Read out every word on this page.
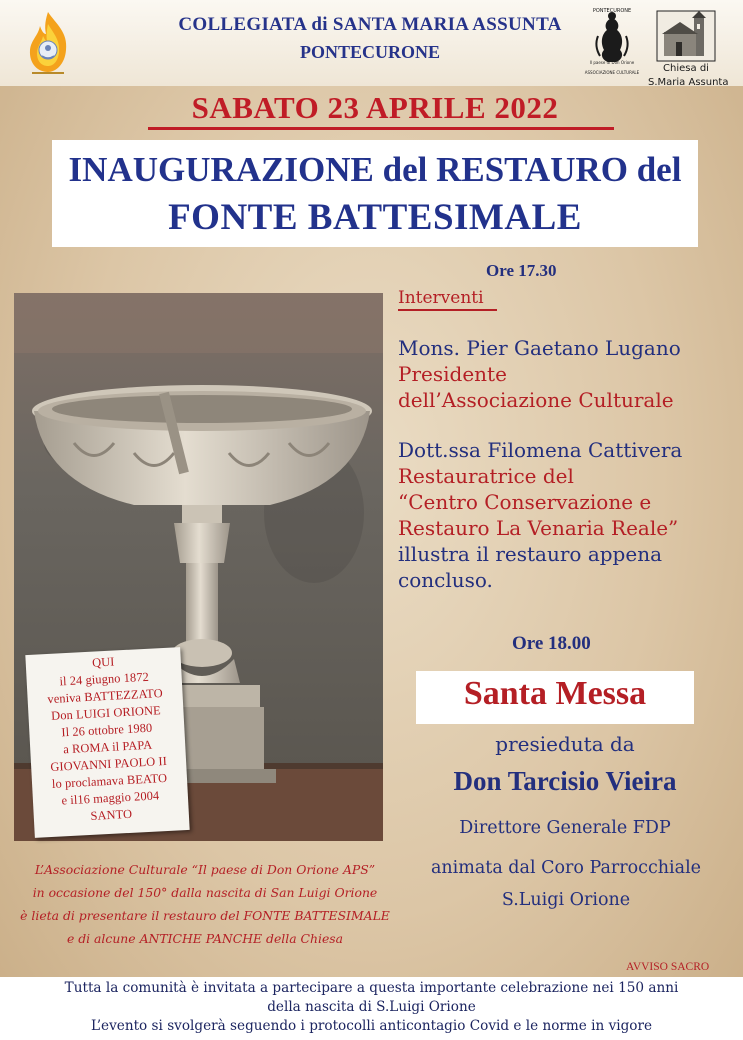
PONTECURONE
Il paese di Don Orione
ASSOCIAZIONE CULTURALE	Chiesa di
S.Maria Assunta
COLLEGIATA di SANTA MARIA ASSUNTA
PONTECURONE
SABATO 23 APRILE 2022
INAUGURAZIONE del RESTAURO del
FONTE BATTESIMALE
QUI
il 24 giugno 1872
veniva BATTEZZATO
Don LUIGI ORIONE
Il 26 ottobre 1980
a ROMA il PAPA
GIOVANNI PAOLO II
lo proclamava BEATO
e il16 maggio 2004
SANTO
Ore 17.30
Interventi
Mons. Pier Gaetano Lugano
Presidente
dell’Associazione Culturale
Dott.ssa Filomena Cattivera
Restauratrice del
“Centro Conservazione e
Restauro La Venaria Reale”
illustra il restauro appena
concluso.
Ore 18.00
Santa Messa
presieduta da
Don Tarcisio Vieira
Direttore Generale FDP
animata dal Coro Parrocchiale
S.Luigi Orione
L’Associazione Culturale “Il paese di Don Orione APS”
in occasione del 150° dalla nascita di San Luigi Orione
è lieta di presentare il restauro del FONTE BATTESIMALE
e di alcune ANTICHE PANCHE della Chiesa
AVVISO SACRO
Tutta la comunità è invitata a partecipare a questa importante celebrazione nei 150 anni
della nascita di S.Luigi Orione
L’evento si svolgerà seguendo i protocolli anticontagio Covid e le norme in vigore
